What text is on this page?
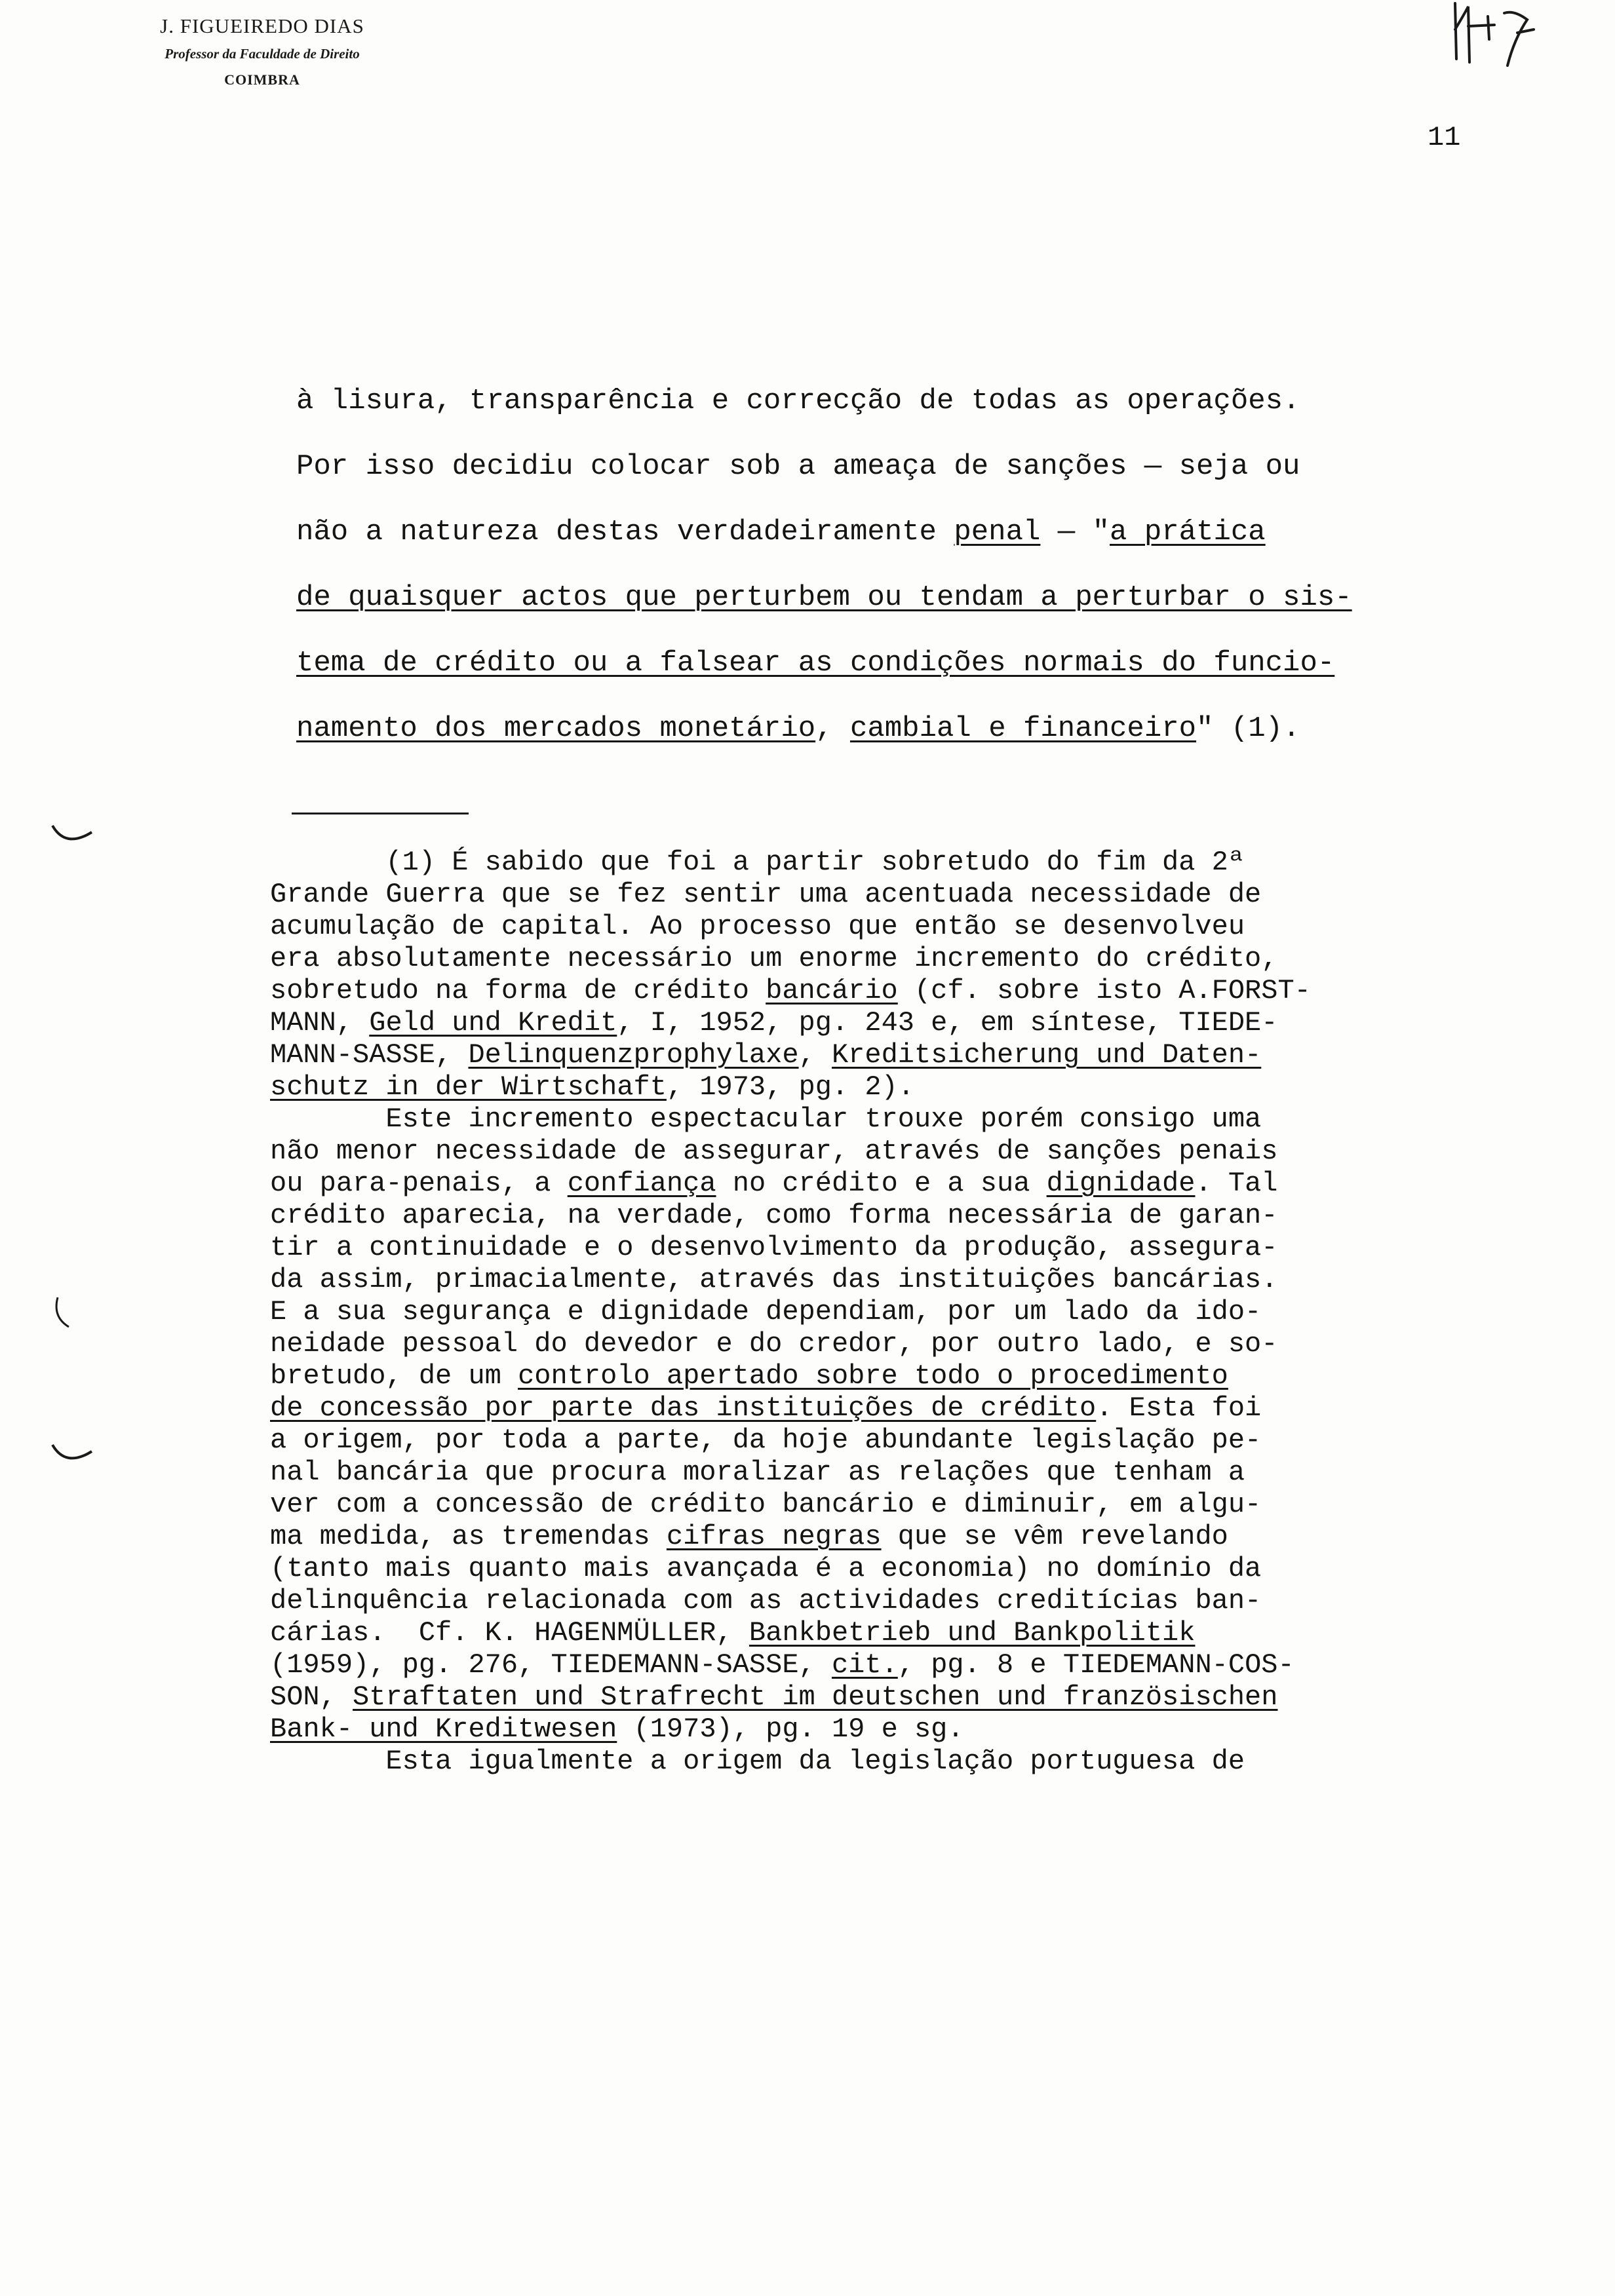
J. FIGUEIREDO DIAS
Professor da Faculdade de Direito
COIMBRA
11
à lisura, transparência e correcção de todas as operações.
Por isso decidiu colocar sob a ameaça de sanções — seja ou
não a natureza destas verdadeiramente penal — "a prática
de quaisquer actos que perturbem ou tendam a perturbar o sis-
tema de crédito ou a falsear as condições normais do funcio-
namento dos mercados monetário, cambial e financeiro" (1).
(1) É sabido que foi a partir sobretudo do fim da 2ª
Grande Guerra que se fez sentir uma acentuada necessidade de
acumulação de capital. Ao processo que então se desenvolveu
era absolutamente necessário um enorme incremento do crédito,
sobretudo na forma de crédito bancário (cf. sobre isto A.FORST-
MANN, Geld und Kredit, I, 1952, pg. 243 e, em síntese, TIEDE-
MANN-SASSE, Delinquenzprophylaxe, Kreditsicherung und Daten-
schutz in der Wirtschaft, 1973, pg. 2).
Este incremento espectacular trouxe porém consigo uma
não menor necessidade de assegurar, através de sanções penais
ou para-penais, a confiança no crédito e a sua dignidade. Tal
crédito aparecia, na verdade, como forma necessária de garan-
tir a continuidade e o desenvolvimento da produção, assegura-
da assim, primacialmente, através das instituições bancárias.
E a sua segurança e dignidade dependiam, por um lado da ido-
neidade pessoal do devedor e do credor, por outro lado, e so-
bretudo, de um controlo apertado sobre todo o procedimento
de concessão por parte das instituições de crédito. Esta foi
a origem, por toda a parte, da hoje abundante legislação pe-
nal bancária que procura moralizar as relações que tenham a
ver com a concessão de crédito bancário e diminuir, em algu-
ma medida, as tremendas cifras negras que se vêm revelando
(tanto mais quanto mais avançada é a economia) no domínio da
delinquência relacionada com as actividades creditícias ban-
cárias.  Cf. K. HAGENMÜLLER, Bankbetrieb und Bankpolitik
(1959), pg. 276, TIEDEMANN-SASSE, cit., pg. 8 e TIEDEMANN-COS-
SON, Straftaten und Strafrecht im deutschen und französischen
Bank- und Kreditwesen (1973), pg. 19 e sg.
Esta igualmente a origem da legislação portuguesa de
